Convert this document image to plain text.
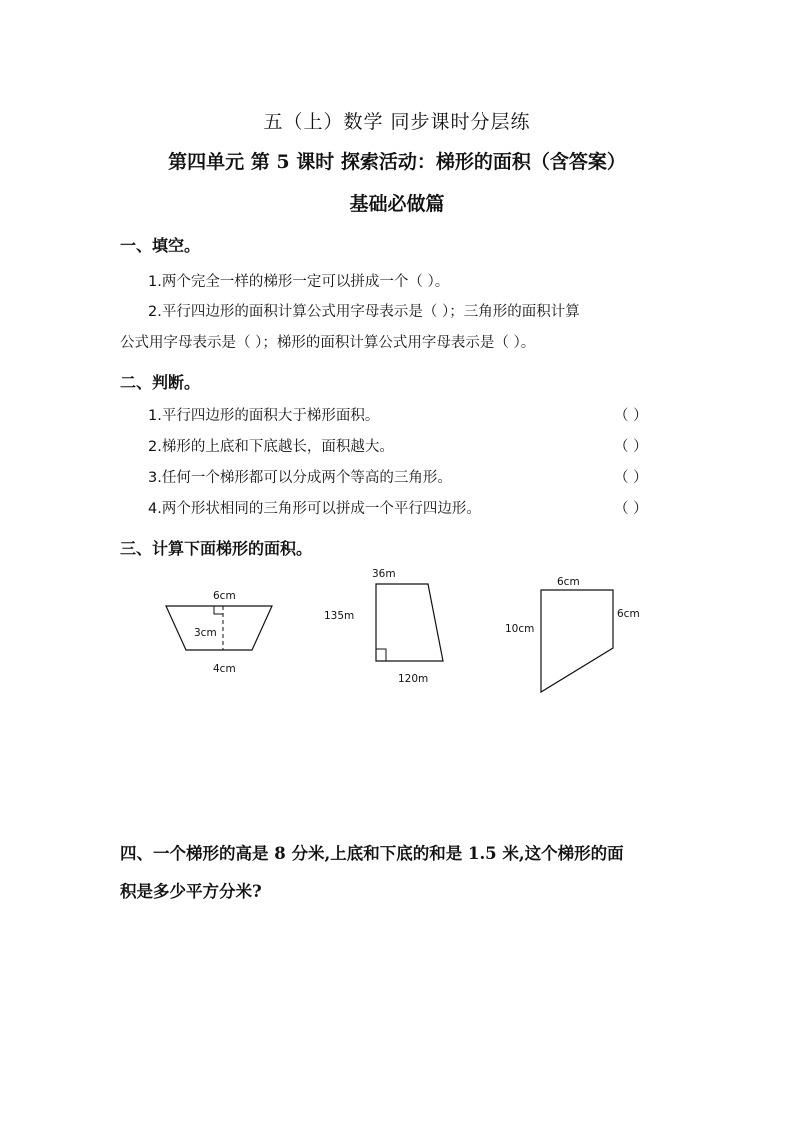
五（上）数学 同步课时分层练
第四单元 第 5 课时 探索活动：梯形的面积（含答案）
基础必做篇
一、填空。
1.两个完全一样的梯形一定可以拼成一个（ ）。
2.平行四边形的面积计算公式用字母表示是（ ）；三角形的面积计算
公式用字母表示是（ ）；梯形的面积计算公式用字母表示是（ ）。
二、判断。
1.平行四边形的面积大于梯形面积。	（ ）
2.梯形的上底和下底越长，面积越大。	（ ）
3.任何一个梯形都可以分成两个等高的三角形。	（ ）
4.两个形状相同的三角形可以拼成一个平行四边形。	（ ）
三、计算下面梯形的面积。
6cm
3cm
4cm
36m
135m
120m
6cm
10cm
6cm
四、一个梯形的高是 8 分米,上底和下底的和是 1.5 米,这个梯形的面
积是多少平方分米?
